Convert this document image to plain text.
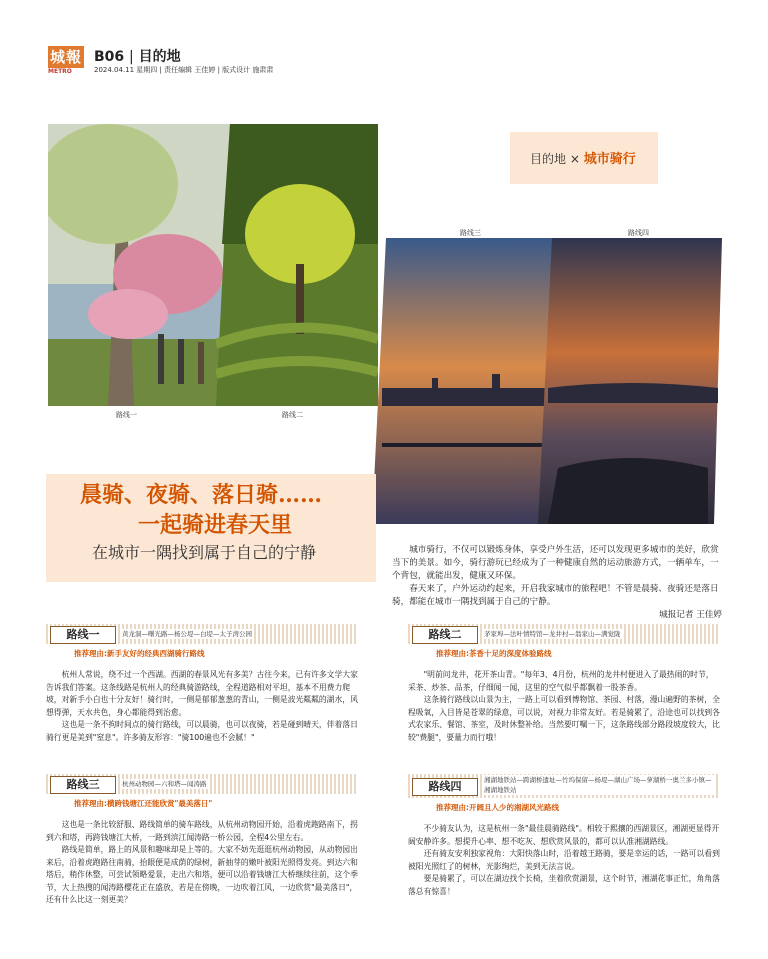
城報
METRO
B06 | 目的地
2024.04.11 星期四 | 责任编辑 王佳婷 | 版式设计 施肃肃
路线一	路线二
目的地 × 城市骑行
路线三	路线四
晨骑、夜骑、落日骑……
一起骑进春天里
在城市一隅找到属于自己的宁静	城市骑行，不仅可以锻炼身体，享受户外生活，还可以发现更多城市的美好，欣赏当下的美景。如今，骑行游玩已经成为了一种健康自然的运动旅游方式，一辆单车，一个背包，就能出发，健康又环保。

春天来了，户外运动约起来，开启我家城市的旅程吧！不管是晨骑、夜骑还是落日骑，都能在城市一隅找到属于自己的宁静。

城报记者 王佳婷
路线一	黄龙洞—曙光路—杨公堤—白堤—太子湾公园
推荐理由:新手友好的经典西湖骑行路线

杭州人常说，绕不过一个西湖。西湖的春景风光有多美？古往今来，已有许多文学大家告诉我们答案。这条线路是杭州人的经典骑游路线，全程道路相对平坦，基本不用费力爬坡，对新手小白也十分友好！骑行时，一侧是郁郁葱葱的青山，一侧是波光粼粼的湖水，风想得弹，天水共色，身心都能得到治愈。

这也是一条不拘时间点的骑行路线，可以晨骑，也可以夜骑，若是碰到晴天，伴着落日骑行更是美到"窒息"。许多骑友形容："骑100遍也不会腻！"

路线二	茅家埠—法叶情特馆—龙井村—翁家山—满觉陇
推荐理由:茶香十足的深度体验路线

"明前问龙井，花开茶山青。"每年3、4月份，杭州的龙井村便进入了最热闹的时节，采茶、炒茶、品茶，仔细闻一闻，这里的空气似乎都飘着一股茶香。

这条骑行路线以山景为主，一路上可以看到博物馆、茶园、村落，漫山遍野的茶树，全程吸氧，入目皆是苍翠的绿意，可以说，对视力非常友好。若是骑累了，沿途也可以找到各式农家乐、餐馆、茶室，及时休整补给。当然要叮嘱一下，这条路线部分路段坡度较大，比较"费腿"，要量力而行哦！

路线三	杭州动物园—六和塔—闻涛路
推荐理由:横跨钱塘江还能欣赏"最美落日"

这也是一条比较舒服、路线简单的骑车路线，从杭州动物园开始，沿着虎跑路南下，拐到六和塔，再跨钱塘江大桥，一路到滨江闻涛路一桥公园，全程4公里左右。

路线是简单，路上的风景和趣味却是上等的。大家不妨先逛逛杭州动物园，从动物园出来后，沿着虎跑路往南骑，抬眼便是成荫的绿树，新抽芽的嫩叶被阳光照得发亮。到达六和塔后，稍作休整，可尝试领略爱景，走出六和塔，便可以沿着钱塘江大桥继续往前，这个季节，大上热搜的闻涛路樱花正在盛放，若是在傍晚，一边吹着江风，一边欣赏"最美落日"，还有什么比这一刻更美？

路线四	湘湖地铁站—跨湖桥遗址—竹坞保留—杨堤—湖山广场—萝湖桥一奥兰多小镇—湘湖地铁站
推荐理由:开阔且人少的湘湖风光路线

不少骑友认为，这是杭州一条"最佳晨骑路线"。相较于熙攘的西湖景区，湘湖更显得开阔安静许多。想提升心率、想不吃灰、想欣赏风景的，都可以认准湘湖路线。

还有骑友安利独家视角：大阳快落山时，沿着越王路骑，要是幸运的话，一路可以看到被阳光照红了的树林，光影绚烂，美到无法言说。

要是骑累了，可以在湖边找个长椅，坐着欣赏湖景，这个时节，湘湖花事正忙，角角落落总有惊喜！
